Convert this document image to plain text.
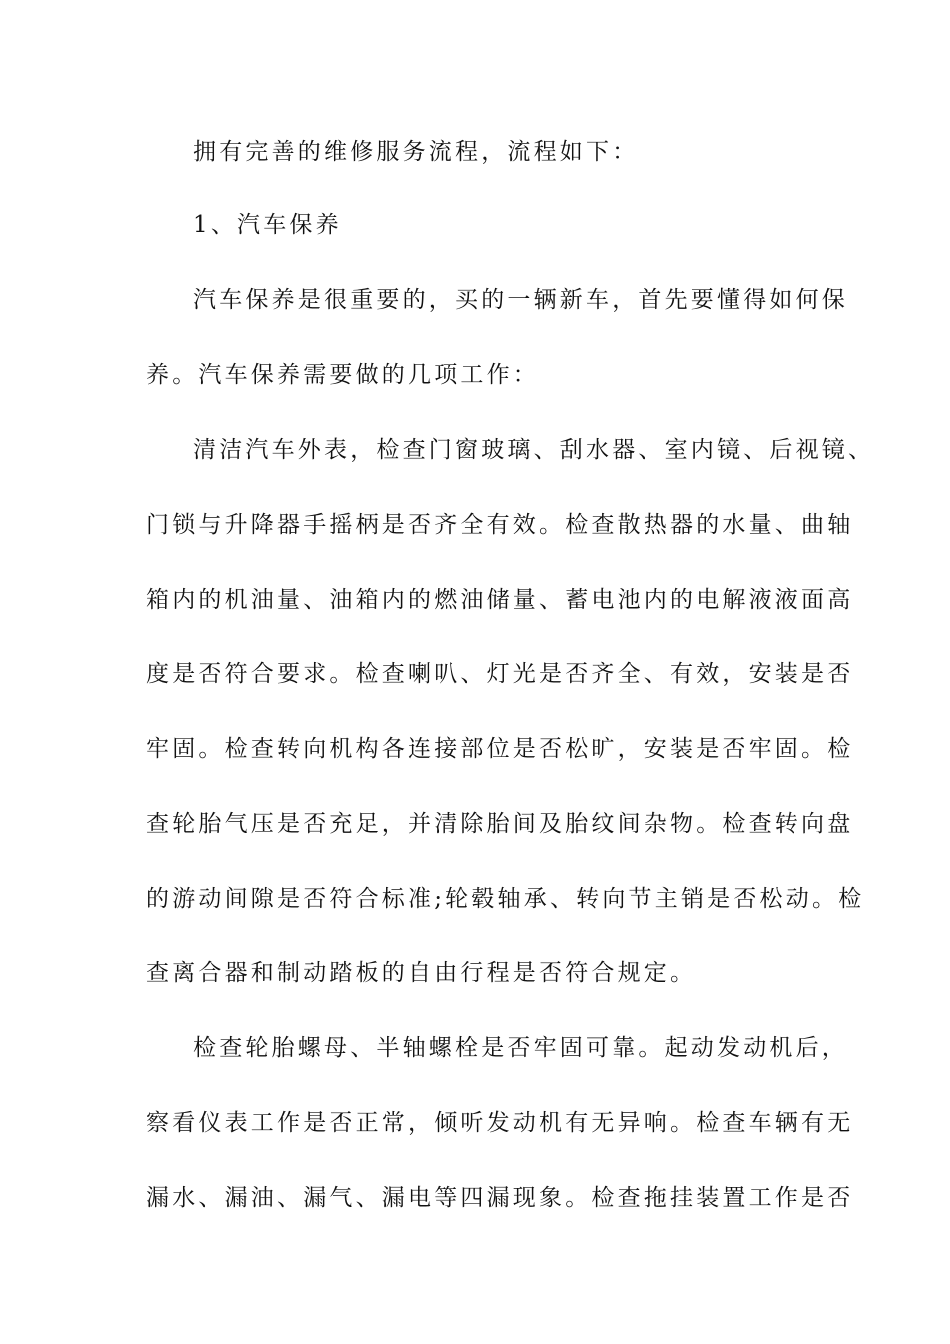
拥有完善的维修服务流程，流程如下：
1、汽车保养
汽车保养是很重要的，买的一辆新车，首先要懂得如何保
养。汽车保养需要做的几项工作：
清洁汽车外表，检查门窗玻璃、刮水器、室内镜、后视镜、
门锁与升降器手摇柄是否齐全有效。检查散热器的水量、曲轴
箱内的机油量、油箱内的燃油储量、蓄电池内的电解液液面高
度是否符合要求。检查喇叭、灯光是否齐全、有效，安装是否
牢固。检查转向机构各连接部位是否松旷，安装是否牢固。检
查轮胎气压是否充足，并清除胎间及胎纹间杂物。检查转向盘
的游动间隙是否符合标准;轮毂轴承、转向节主销是否松动。检
查离合器和制动踏板的自由行程是否符合规定。
检查轮胎螺母、半轴螺栓是否牢固可靠。起动发动机后，
察看仪表工作是否正常，倾听发动机有无异响。检查车辆有无
漏水、漏油、漏气、漏电等四漏现象。检查拖挂装置工作是否
